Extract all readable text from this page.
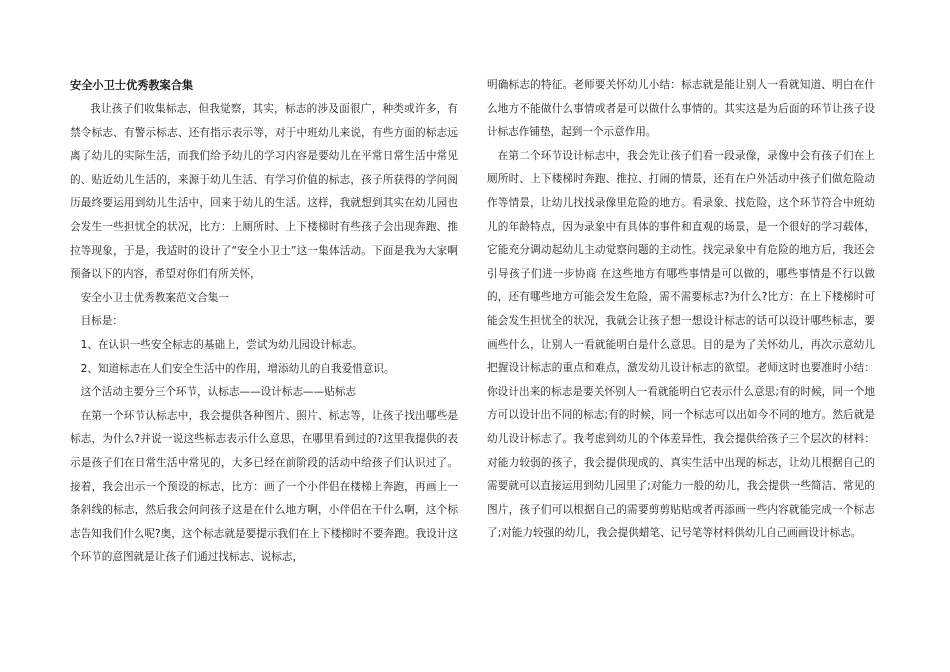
安全小卫士优秀教案合集

我让孩子们收集标志，但我觉察，其实，标志的涉及面很广，种类或许多，有禁令标志、有警示标志、还有指示表示等，对于中班幼儿来说，有些方面的标志远离了幼儿的实际生活，而我们给予幼儿的学习内容是要幼儿在平常日常生活中常见的、贴近幼儿生活的，来源于幼儿生活、有学习价值的标志，孩子所获得的学问阅历最终要运用到幼儿生活中，回来于幼儿的生活。这样，我就想到其实在幼儿园也会发生一些担忧全的状况，比方：上厕所时、上下楼梯时有些孩子会出现奔跑、推拉等现象，于是，我适时的设计了“安全小卫士”这一集体活动。下面是我为大家啊预备以下的内容，希望对你们有所关怀，

安全小卫士优秀教案范文合集一

目标是：

1、在认识一些安全标志的基础上，尝试为幼儿园设计标志。

2、知道标志在人们安全生活中的作用，增添幼儿的自我爱惜意识。

这个活动主要分三个环节，认标志——设计标志——贴标志

在第一个环节认标志中，我会提供各种图片、照片、标志等，让孩子找出哪些是标志，为什么?并说一说这些标志表示什么意思，在哪里看到过的?这里我提供的表示是孩子们在日常生活中常见的，大多已经在前阶段的活动中给孩子们认识过了。接着，我会出示一个预设的标志，比方：画了一个小伴侣在楼梯上奔跑，再画上一条斜线的标志，然后我会问问孩子这是在什么地方啊，小伴侣在干什么啊，这个标志告知我们什么呢?奥，这个标志就是要提示我们在上下楼梯时不要奔跑。我设计这个环节的意图就是让孩子们通过找标志、说标志，

明确标志的特征。老师要关怀幼儿小结：标志就是能让别人一看就知道、明白在什么地方不能做什么事情或者是可以做什么事情的。其实这是为后面的环节让孩子设计标志作铺垫，起到一个示意作用。

在第二个环节设计标志中，我会先让孩子们看一段录像，录像中会有孩子们在上厕所时、上下楼梯时奔跑、推拉、打闹的情景，还有在户外活动中孩子们做危险动作等情景，让幼儿找找录像里危险的地方。看录象、找危险，这个环节符合中班幼儿的年龄特点，因为录象中有具体的事件和直观的场景，是一个很好的学习载体，它能充分调动起幼儿主动觉察问题的主动性。找完录象中有危险的地方后，我还会引导孩子们进一步协商 在这些地方有哪些事情是可以做的，哪些事情是不行以做的，还有哪些地方可能会发生危险，需不需要标志?为什么?比方：在上下楼梯时可能会发生担忧全的状况，我就会让孩子想一想设计标志的话可以设计哪些标志，要画些什么，让别人一看就能明白是什么意思。目的是为了关怀幼儿，再次示意幼儿把握设计标志的重点和难点，激发幼儿设计标志的欲望。老师这时也要准时小结：你设计出来的标志是要关怀别人一看就能明白它表示什么意思;有的时候，同一个地方可以设计出不同的标志;有的时候，同一个标志可以出如今不同的地方。然后就是幼儿设计标志了。我考虑到幼儿的个体差异性，我会提供给孩子三个层次的材料：对能力较弱的孩子，我会提供现成的、真实生活中出现的标志，让幼儿根据自己的需要就可以直接运用到幼儿园里了;对能力一般的幼儿，我会提供一些简洁、常见的图片，孩子们可以根据自己的需要剪剪贴贴或者再添画一些内容就能完成一个标志了;对能力较强的幼儿，我会提供蜡笔、记号笔等材料供幼儿自己画画设计标志。
